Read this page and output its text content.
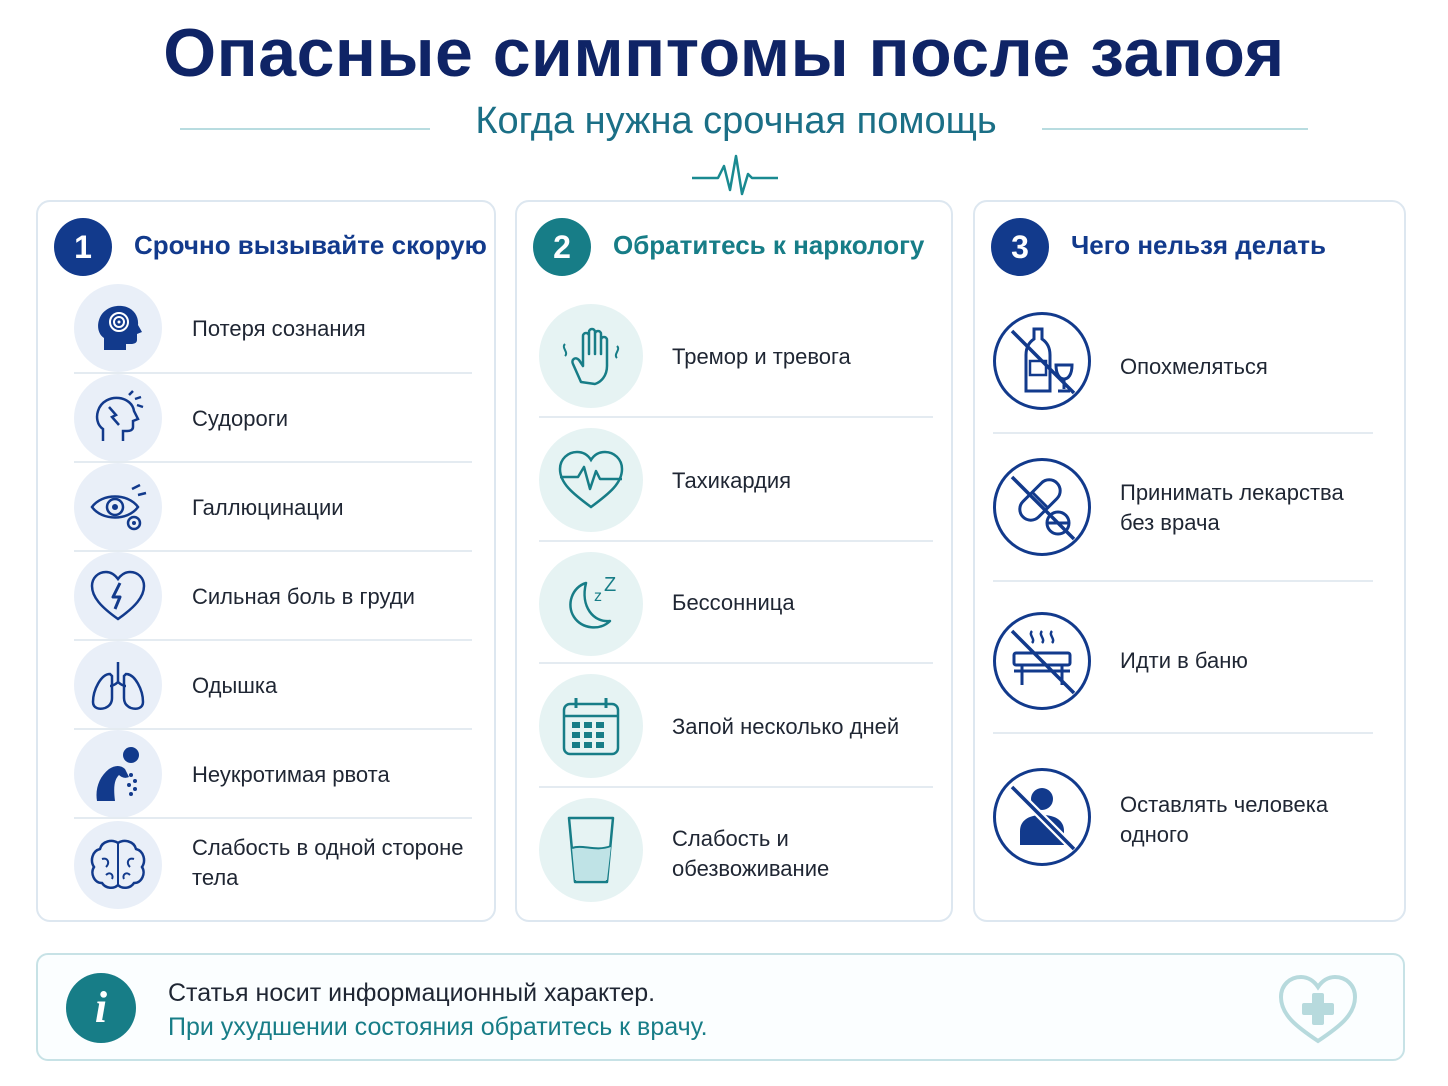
Опасные симптомы после запоя
Когда нужна срочная помощь
1	Срочно вызывайте скорую
Потеря сознания
Судороги
Галлюцинации
Сильная боль в груди
Одышка
Неукротимая рвота
Слабость в одной стороне тела
2	Обратитесь к наркологу
Тремор и тревога
Тахикардия
z
Z
Бессонница
Запой несколько дней
Слабость и обезвоживание
3	Чего нельзя делать
Опохмеляться
Принимать лекарства без врача
Идти в баню
Оставлять человека одного
i	Статья носит информационный характер.
При ухудшении состояния обратитесь к врачу.
